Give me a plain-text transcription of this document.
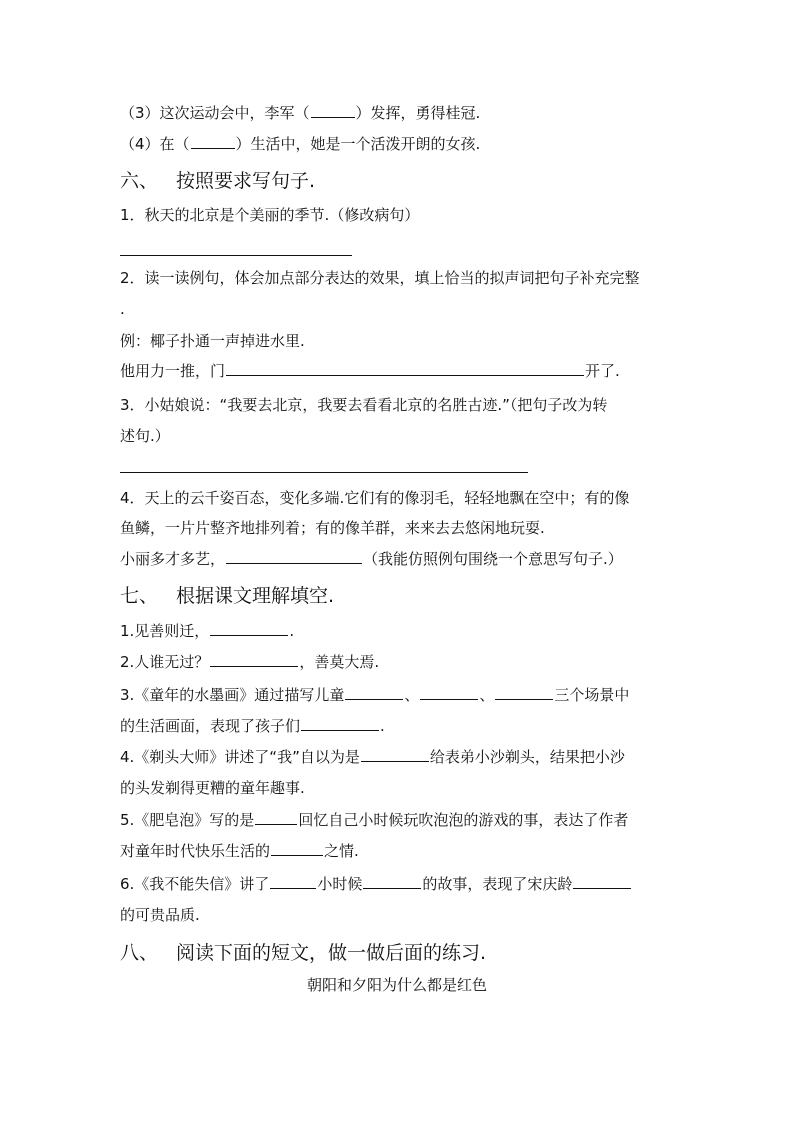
（3）这次运动会中，李军（	）发挥，勇得桂冠.
（4）在（	）生活中，她是一个活泼开朗的女孩.
六、 按照要求写句子.
1．秋天的北京是个美丽的季节.（修改病句）
2．读一读例句，体会加点部分表达的效果，填上恰当的拟声词把句子补充完整
.
例：椰子扑通一声掉进水里.
他用力一推，门	开了.
3．小姑娘说：“我要去北京，我要去看看北京的名胜古迹.”（把句子改为转
述句.）
4．天上的云千姿百态，变化多端.它们有的像羽毛，轻轻地飘在空中；有的像
鱼鳞，一片片整齐地排列着；有的像羊群，来来去去悠闲地玩耍.
小丽多才多艺，	（我能仿照例句围绕一个意思写句子.）
七、 根据课文理解填空.
1.见善则迁，	.
2.人谁无过？	，善莫大焉.
3.《童年的水墨画》通过描写儿童	、	、	三个场景中
的生活画面，表现了孩子们	.
4.《剃头大师》讲述了“我”自以为是	给表弟小沙剃头，结果把小沙
的头发剃得更糟的童年趣事.
5.《肥皂泡》写的是	回忆自己小时候玩吹泡泡的游戏的事，表达了作者
对童年时代快乐生活的	之情.
6.《我不能失信》讲了	小时候	的故事，表现了宋庆龄
的可贵品质.
八、 阅读下面的短文，做一做后面的练习.
朝阳和夕阳为什么都是红色
